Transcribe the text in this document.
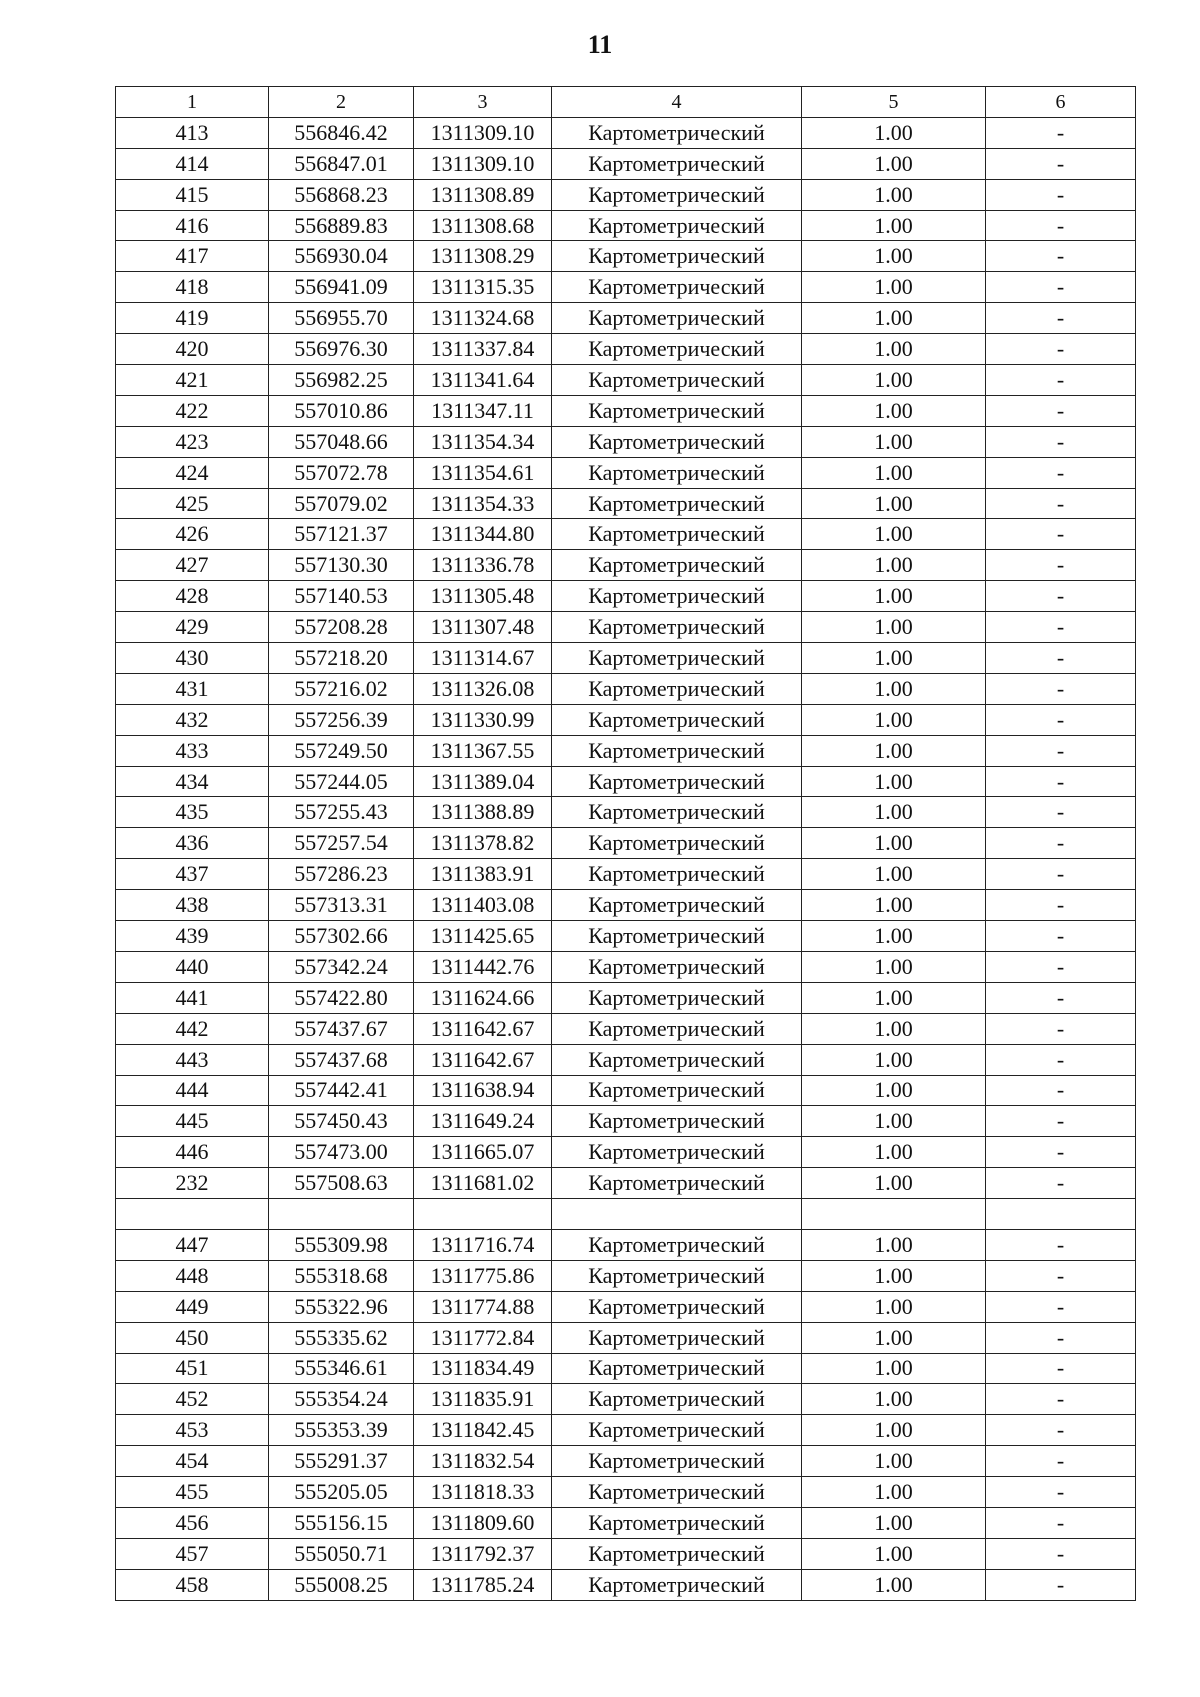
11
1	2	3	4	5	6
413	556846.42	1311309.10	Картометрический	1.00	-
414	556847.01	1311309.10	Картометрический	1.00	-
415	556868.23	1311308.89	Картометрический	1.00	-
416	556889.83	1311308.68	Картометрический	1.00	-
417	556930.04	1311308.29	Картометрический	1.00	-
418	556941.09	1311315.35	Картометрический	1.00	-
419	556955.70	1311324.68	Картометрический	1.00	-
420	556976.30	1311337.84	Картометрический	1.00	-
421	556982.25	1311341.64	Картометрический	1.00	-
422	557010.86	1311347.11	Картометрический	1.00	-
423	557048.66	1311354.34	Картометрический	1.00	-
424	557072.78	1311354.61	Картометрический	1.00	-
425	557079.02	1311354.33	Картометрический	1.00	-
426	557121.37	1311344.80	Картометрический	1.00	-
427	557130.30	1311336.78	Картометрический	1.00	-
428	557140.53	1311305.48	Картометрический	1.00	-
429	557208.28	1311307.48	Картометрический	1.00	-
430	557218.20	1311314.67	Картометрический	1.00	-
431	557216.02	1311326.08	Картометрический	1.00	-
432	557256.39	1311330.99	Картометрический	1.00	-
433	557249.50	1311367.55	Картометрический	1.00	-
434	557244.05	1311389.04	Картометрический	1.00	-
435	557255.43	1311388.89	Картометрический	1.00	-
436	557257.54	1311378.82	Картометрический	1.00	-
437	557286.23	1311383.91	Картометрический	1.00	-
438	557313.31	1311403.08	Картометрический	1.00	-
439	557302.66	1311425.65	Картометрический	1.00	-
440	557342.24	1311442.76	Картометрический	1.00	-
441	557422.80	1311624.66	Картометрический	1.00	-
442	557437.67	1311642.67	Картометрический	1.00	-
443	557437.68	1311642.67	Картометрический	1.00	-
444	557442.41	1311638.94	Картометрический	1.00	-
445	557450.43	1311649.24	Картометрический	1.00	-
446	557473.00	1311665.07	Картометрический	1.00	-
232	557508.63	1311681.02	Картометрический	1.00	-

447	555309.98	1311716.74	Картометрический	1.00	-
448	555318.68	1311775.86	Картометрический	1.00	-
449	555322.96	1311774.88	Картометрический	1.00	-
450	555335.62	1311772.84	Картометрический	1.00	-
451	555346.61	1311834.49	Картометрический	1.00	-
452	555354.24	1311835.91	Картометрический	1.00	-
453	555353.39	1311842.45	Картометрический	1.00	-
454	555291.37	1311832.54	Картометрический	1.00	-
455	555205.05	1311818.33	Картометрический	1.00	-
456	555156.15	1311809.60	Картометрический	1.00	-
457	555050.71	1311792.37	Картометрический	1.00	-
458	555008.25	1311785.24	Картометрический	1.00	-
